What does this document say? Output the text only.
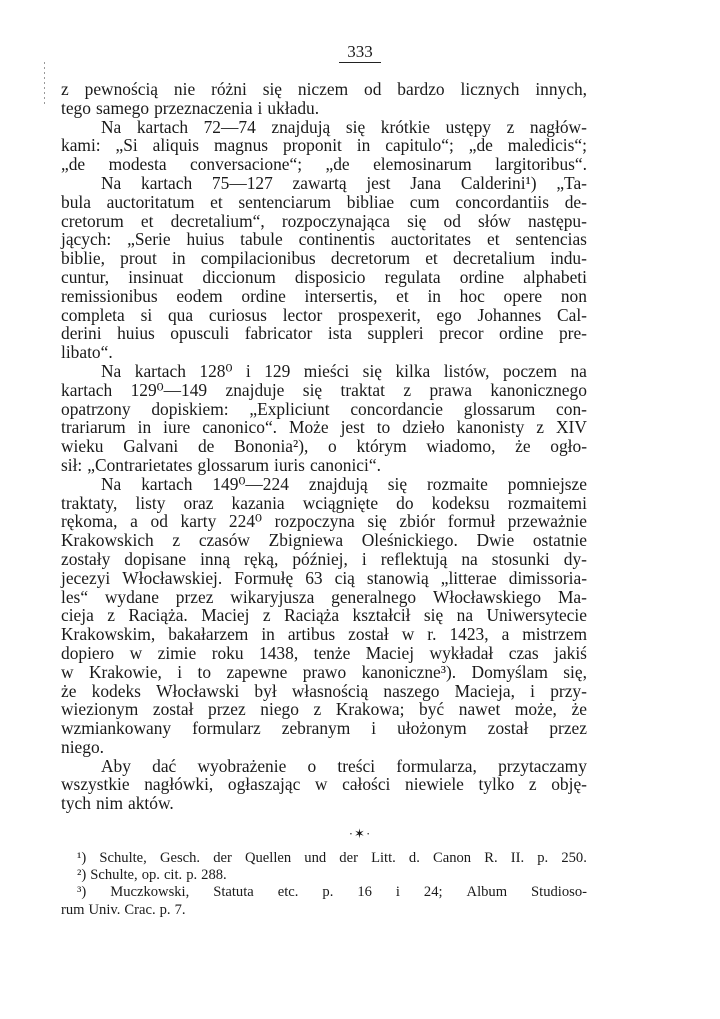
333
z pewnością nie różni się niczem od bardzo licznych innych,
tego samego przeznaczenia i układu.
Na kartach 72—74 znajdują się krótkie ustępy z nagłów-
kami: „Si aliquis magnus proponit in capitulo“; „de maledicis“;
„de modesta conversacione“; „de elemosinarum largitoribus“.
Na kartach 75—127 zawartą jest Jana Calderini¹) „Ta-
bula auctoritatum et sentenciarum bibliae cum concordantiis de-
cretorum et decretalium“, rozpoczynająca się od słów następu-
jących: „Serie huius tabule continentis auctoritates et sentencias
biblie, prout in compilacionibus decretorum et decretalium indu-
cuntur, insinuat diccionum disposicio regulata ordine alphabeti
remissionibus eodem ordine intersertis, et in hoc opere non
completa si qua curiosus lector prospexerit, ego Johannes Cal-
derini huius opusculi fabricator ista suppleri precor ordine pre-
libato“.
Na kartach 128⁰ i 129 mieści się kilka listów, poczem na
kartach 129⁰—149 znajduje się traktat z prawa kanonicznego
opatrzony dopiskiem: „Expliciunt concordancie glossarum con-
trariarum in iure canonico“. Może jest to dzieło kanonisty z XIV
wieku Galvani de Bononia²), o którym wiadomo, że ogło-
sił: „Contrarietates glossarum iuris canonici“.
Na kartach 149⁰—224 znajdują się rozmaite pomniejsze
traktaty, listy oraz kazania wciągnięte do kodeksu rozmaitemi
rękoma, a od karty 224⁰ rozpoczyna się zbiór formuł przeważnie
Krakowskich z czasów Zbigniewa Oleśnickiego. Dwie ostatnie
zostały dopisane inną ręką, później, i reflektują na stosunki dy-
jecezyi Włocławskiej. Formułę 63 cią stanowią „litterae dimissoria-
les“ wydane przez wikaryjusza generalnego Włocławskiego Ma-
cieja z Raciąża. Maciej z Raciąża kształcił się na Uniwersytecie
Krakowskim, bakałarzem in artibus został w r. 1423, a mistrzem
dopiero w zimie roku 1438, tenże Maciej wykładał czas jakiś
w Krakowie, i to zapewne prawo kanoniczne³). Domyślam się,
że kodeks Włocławski był własnością naszego Macieja, i przy-
wiezionym został przez niego z Krakowa; być nawet może, że
wzmiankowany formularz zebranym i ułożonym został przez
niego.
Aby dać wyobrażenie o treści formularza, przytaczamy
wszystkie nagłówki, ogłaszając w całości niewiele tylko z obję-
tych nim aktów.
·✶·
¹) Schulte, Gesch. der Quellen und der Litt. d. Canon R. II. p. 250.
²) Schulte, op. cit. p. 288.
³) Muczkowski, Statuta etc. p. 16 i 24; Album Studioso-
rum Univ. Crac. p. 7.
